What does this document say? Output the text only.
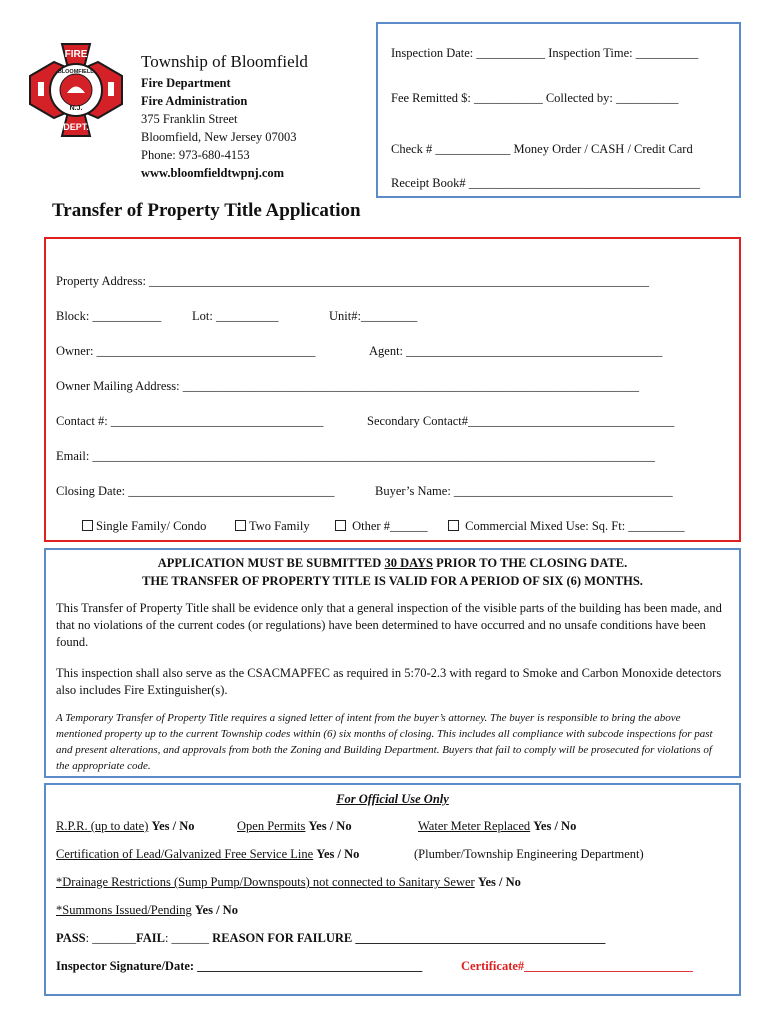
FIRE
BLOOMFIELD
N.J.
DEPT.
Township of Bloomfield
Fire Department
Fire Administration
375 Franklin Street
Bloomfield, New Jersey 07003
Phone: 973-680-4153
www.bloomfieldtwpnj.com
Inspection Date: ___________ Inspection Time: __________
Fee Remitted $: ___________ Collected by: __________
Check # ____________ Money Order / CASH / Credit Card
Receipt Book# _____________________________________
Transfer of Property Title Application
Property Address: ________________________________________________________________________________
Block: ___________ Lot: __________	Unit#:_________
Owner: ___________________________________	Agent: _________________________________________
Owner Mailing Address: _________________________________________________________________________
Contact #: __________________________________	Secondary Contact#_________________________________
Email: __________________________________________________________________________________________
Closing Date: _________________________________	Buyer’s Name: ___________________________________
Single Family/ Condo	Two Family	Other #______	Commercial Mixed Use: Sq. Ft: _________
APPLICATION MUST BE SUBMITTED 30 DAYS PRIOR TO THE CLOSING DATE.
THE TRANSFER OF PROPERTY TITLE IS VALID FOR A PERIOD OF SIX (6) MONTHS.
This Transfer of Property Title shall be evidence only that a general inspection of the visible parts of the building has been made, and that no violations of the current codes (or regulations) have been determined to have occurred and no unsafe conditions have been found.
This inspection shall also serve as the CSACMAPFEC as required in 5:70-2.3 with regard to Smoke and Carbon Monoxide detectors also includes Fire Extinguisher(s).
A Temporary Transfer of Property Title requires a signed letter of intent from the buyer’s attorney. The buyer is responsible to bring the above mentioned property up to the current Township codes within (6) six months of closing. This includes all compliance with subcode inspections for past and present alterations, and approvals from both the Zoning and Building Department. Buyers that fail to comply will be prosecuted for violations of the appropriate code.
For Official Use Only
R.P.R. (up to date) Yes / No	Open Permits Yes / No	Water Meter Replaced Yes / No
Certification of Lead/Galvanized Free Service Line Yes / No	(Plumber/Township Engineering Department)
*Drainage Restrictions (Sump Pump/Downspouts) not connected to Sanitary Sewer Yes / No
*Summons Issued/Pending Yes / No
PASS: _______FAIL: ______ REASON FOR FAILURE ________________________________________
Inspector Signature/Date: ____________________________________	Certificate#___________________________
